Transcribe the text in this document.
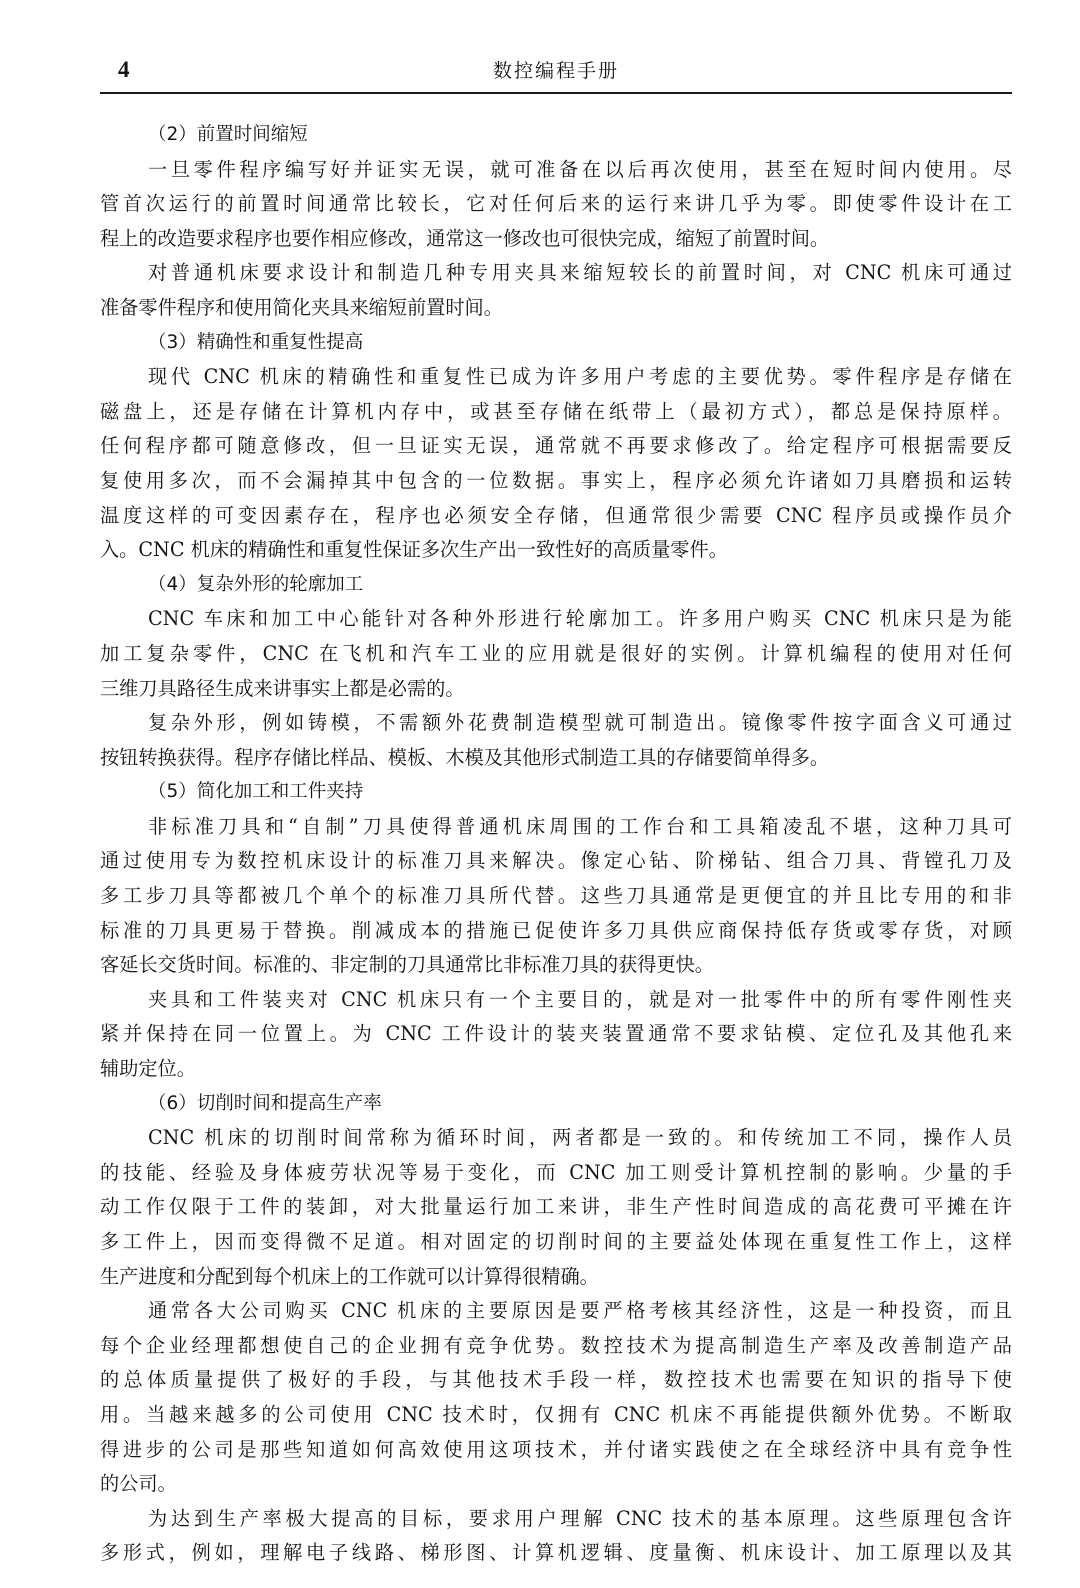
4	数控编程手册
（2）前置时间缩短
一旦零件程序编写好并证实无误，就可准备在以后再次使用，甚至在短时间内使用。尽
管首次运行的前置时间通常比较长，它对任何后来的运行来讲几乎为零。即使零件设计在工
程上的改造要求程序也要作相应修改，通常这一修改也可很快完成，缩短了前置时间。
对普通机床要求设计和制造几种专用夹具来缩短较长的前置时间，对 CNC 机床可通过
准备零件程序和使用简化夹具来缩短前置时间。
（3）精确性和重复性提高
现代 CNC 机床的精确性和重复性已成为许多用户考虑的主要优势。零件程序是存储在
磁盘上，还是存储在计算机内存中，或甚至存储在纸带上（最初方式），都总是保持原样。
任何程序都可随意修改，但一旦证实无误，通常就不再要求修改了。给定程序可根据需要反
复使用多次，而不会漏掉其中包含的一位数据。事实上，程序必须允许诸如刀具磨损和运转
温度这样的可变因素存在，程序也必须安全存储，但通常很少需要 CNC 程序员或操作员介
入。CNC 机床的精确性和重复性保证多次生产出一致性好的高质量零件。
（4）复杂外形的轮廓加工
CNC 车床和加工中心能针对各种外形进行轮廓加工。许多用户购买 CNC 机床只是为能
加工复杂零件，CNC 在飞机和汽车工业的应用就是很好的实例。计算机编程的使用对任何
三维刀具路径生成来讲事实上都是必需的。
复杂外形，例如铸模，不需额外花费制造模型就可制造出。镜像零件按字面含义可通过
按钮转换获得。程序存储比样品、模板、木模及其他形式制造工具的存储要简单得多。
（5）简化加工和工件夹持
非标准刀具和“自制”刀具使得普通机床周围的工作台和工具箱凌乱不堪，这种刀具可
通过使用专为数控机床设计的标准刀具来解决。像定心钻、阶梯钻、组合刀具、背镗孔刀及
多工步刀具等都被几个单个的标准刀具所代替。这些刀具通常是更便宜的并且比专用的和非
标准的刀具更易于替换。削减成本的措施已促使许多刀具供应商保持低存货或零存货，对顾
客延长交货时间。标准的、非定制的刀具通常比非标准刀具的获得更快。
夹具和工件装夹对 CNC 机床只有一个主要目的，就是对一批零件中的所有零件刚性夹
紧并保持在同一位置上。为 CNC 工件设计的装夹装置通常不要求钻模、定位孔及其他孔来
辅助定位。
（6）切削时间和提高生产率
CNC 机床的切削时间常称为循环时间，两者都是一致的。和传统加工不同，操作人员
的技能、经验及身体疲劳状况等易于变化，而 CNC 加工则受计算机控制的影响。少量的手
动工作仅限于工件的装卸，对大批量运行加工来讲，非生产性时间造成的高花费可平摊在许
多工件上，因而变得微不足道。相对固定的切削时间的主要益处体现在重复性工作上，这样
生产进度和分配到每个机床上的工作就可以计算得很精确。
通常各大公司购买 CNC 机床的主要原因是要严格考核其经济性，这是一种投资，而且
每个企业经理都想使自己的企业拥有竞争优势。数控技术为提高制造生产率及改善制造产品
的总体质量提供了极好的手段，与其他技术手段一样，数控技术也需要在知识的指导下使
用。当越来越多的公司使用 CNC 技术时，仅拥有 CNC 机床不再能提供额外优势。不断取
得进步的公司是那些知道如何高效使用这项技术，并付诸实践使之在全球经济中具有竞争性
的公司。
为达到生产率极大提高的目标，要求用户理解 CNC 技术的基本原理。这些原理包含许
多形式，例如，理解电子线路、梯形图、计算机逻辑、度量衡、机床设计、加工原理以及其
